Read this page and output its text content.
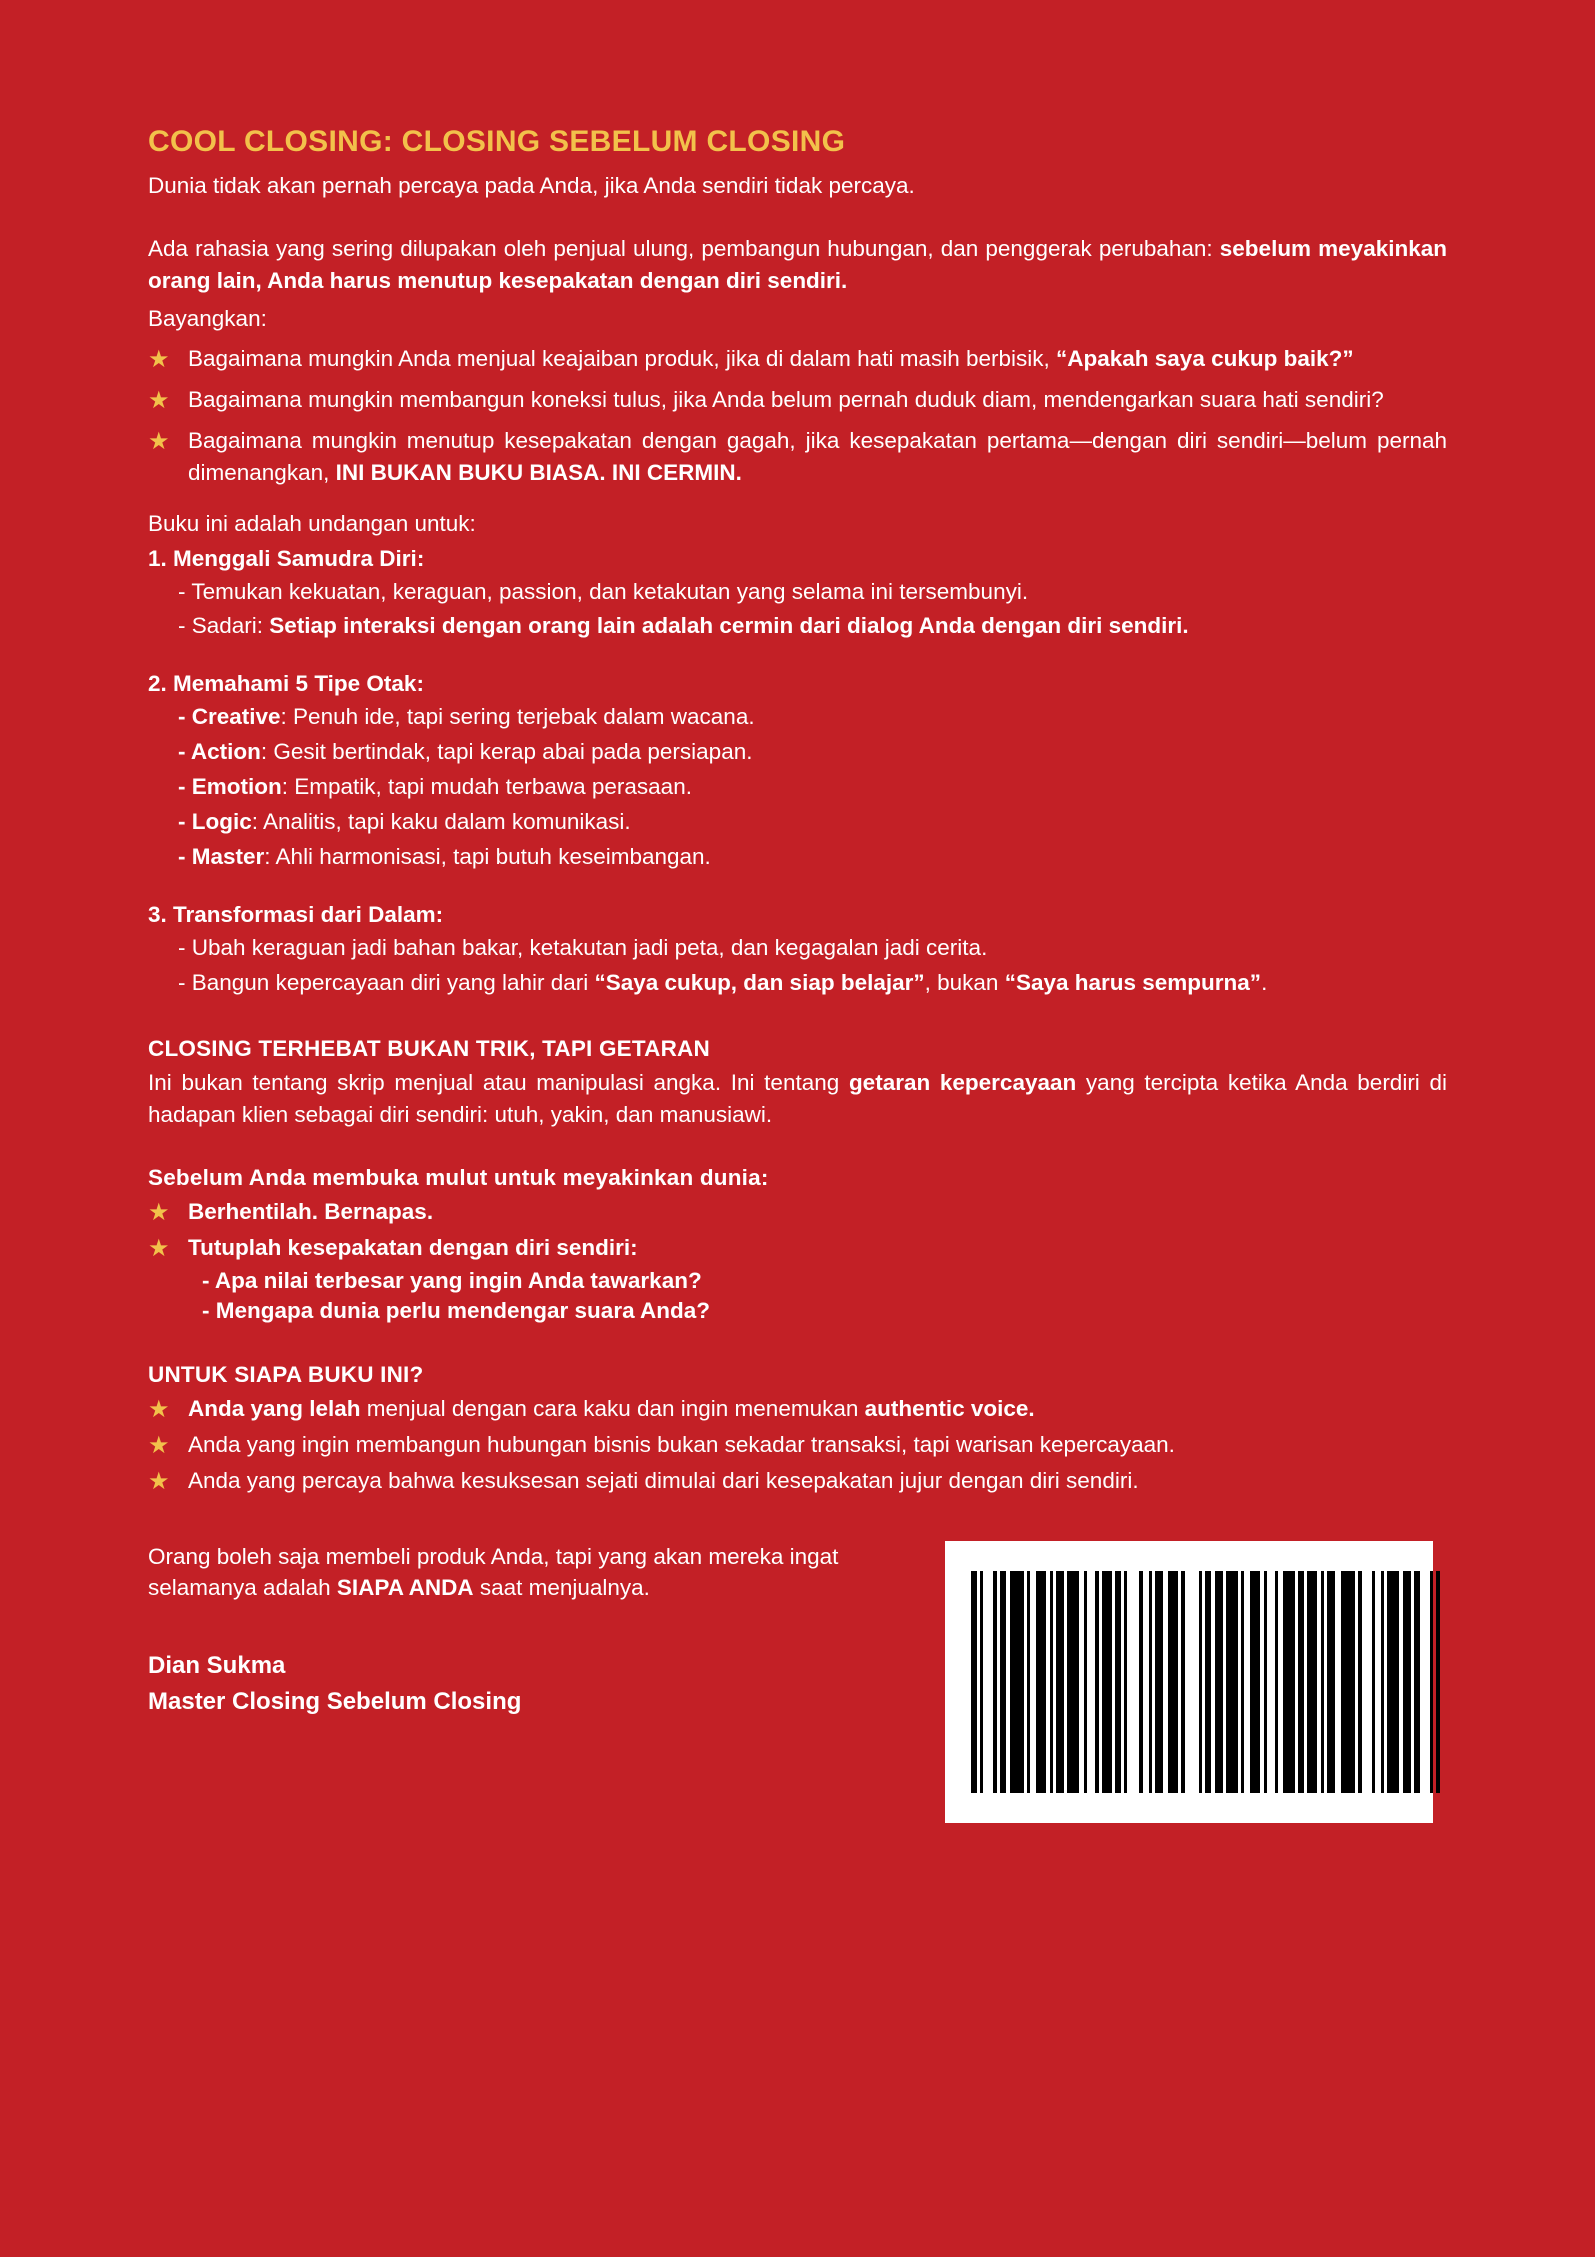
COOL CLOSING: CLOSING SEBELUM CLOSING
Dunia tidak akan pernah percaya pada Anda, jika Anda sendiri tidak percaya.
Ada rahasia yang sering dilupakan oleh penjual ulung, pembangun hubungan, dan penggerak perubahan: sebelum meyakinkan orang lain, Anda harus menutup kesepakatan dengan diri sendiri.
Bayangkan:
★ Bagaimana mungkin Anda menjual keajaiban produk, jika di dalam hati masih berbisik, “Apakah saya cukup baik?”
★ Bagaimana mungkin membangun koneksi tulus, jika Anda belum pernah duduk diam, mendengarkan suara hati sendiri?
★ Bagaimana mungkin menutup kesepakatan dengan gagah, jika kesepakatan pertama—dengan diri sendiri—belum pernah dimenangkan, INI BUKAN BUKU BIASA. INI CERMIN.
Buku ini adalah undangan untuk:
1. Menggali Samudra Diri:
- Temukan kekuatan, keraguan, passion, dan ketakutan yang selama ini tersembunyi.
- Sadari: Setiap interaksi dengan orang lain adalah cermin dari dialog Anda dengan diri sendiri.
2. Memahami 5 Tipe Otak:
- Creative: Penuh ide, tapi sering terjebak dalam wacana.
- Action: Gesit bertindak, tapi kerap abai pada persiapan.
- Emotion: Empatik, tapi mudah terbawa perasaan.
- Logic: Analitis, tapi kaku dalam komunikasi.
- Master: Ahli harmonisasi, tapi butuh keseimbangan.
3. Transformasi dari Dalam:
- Ubah keraguan jadi bahan bakar, ketakutan jadi peta, dan kegagalan jadi cerita.
- Bangun kepercayaan diri yang lahir dari “Saya cukup, dan siap belajar”, bukan “Saya harus sempurna”.
CLOSING TERHEBAT BUKAN TRIK, TAPI GETARAN
Ini bukan tentang skrip menjual atau manipulasi angka. Ini tentang getaran kepercayaan yang tercipta ketika Anda berdiri di hadapan klien sebagai diri sendiri: utuh, yakin, dan manusiawi.
Sebelum Anda membuka mulut untuk meyakinkan dunia:
★ Berhentilah. Bernapas.
★ Tutuplah kesepakatan dengan diri sendiri:
- Apa nilai terbesar yang ingin Anda tawarkan?
- Mengapa dunia perlu mendengar suara Anda?
UNTUK SIAPA BUKU INI?
★ Anda yang lelah menjual dengan cara kaku dan ingin menemukan authentic voice.
★ Anda yang ingin membangun hubungan bisnis bukan sekadar transaksi, tapi warisan kepercayaan.
★ Anda yang percaya bahwa kesuksesan sejati dimulai dari kesepakatan jujur dengan diri sendiri.

Orang boleh saja membeli produk Anda, tapi yang akan mereka ingat selamanya adalah SIAPA ANDA saat menjualnya.

Dian Sukma
Master Closing Sebelum Closing
